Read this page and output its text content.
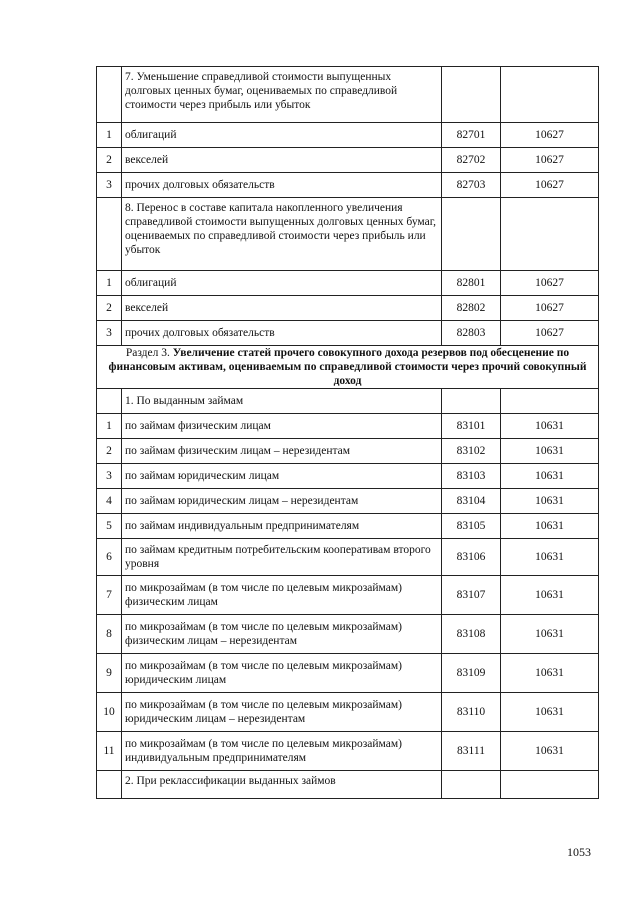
	7. Уменьшение справедливой стоимости выпущенных долговых ценных бумаг, оцениваемых по справедливой стоимости через прибыль или убыток		
1	облигаций	82701	10627
2	векселей	82702	10627
3	прочих долговых обязательств	82703	10627
	8. Перенос в составе капитала накопленного увеличения справедливой стоимости выпущенных долговых ценных бумаг, оцениваемых по справедливой стоимости через прибыль или убыток		
1	облигаций	82801	10627
2	векселей	82802	10627
3	прочих долговых обязательств	82803	10627
Раздел 3. Увеличение статей прочего совокупного дохода резервов под обесценение по финансовым активам, оцениваемым по справедливой стоимости через прочий совокупный доход			
	1. По выданным займам		
1	по займам физическим лицам	83101	10631
2	по займам физическим лицам – нерезидентам	83102	10631
3	по займам юридическим лицам	83103	10631
4	по займам юридическим лицам – нерезидентам	83104	10631
5	по займам индивидуальным предпринимателям	83105	10631
6	по займам кредитным потребительским кооперативам второго уровня	83106	10631
7	по микрозаймам (в том числе по целевым микрозаймам) физическим лицам	83107	10631
8	по микрозаймам (в том числе по целевым микрозаймам) физическим лицам – нерезидентам	83108	10631
9	по микрозаймам (в том числе по целевым микрозаймам) юридическим лицам	83109	10631
10	по микрозаймам (в том числе по целевым микрозаймам) юридическим лицам – нерезидентам	83110	10631
11	по микрозаймам (в том числе по целевым микрозаймам) индивидуальным предпринимателям	83111	10631
	2. При реклассификации выданных займов		
1053
